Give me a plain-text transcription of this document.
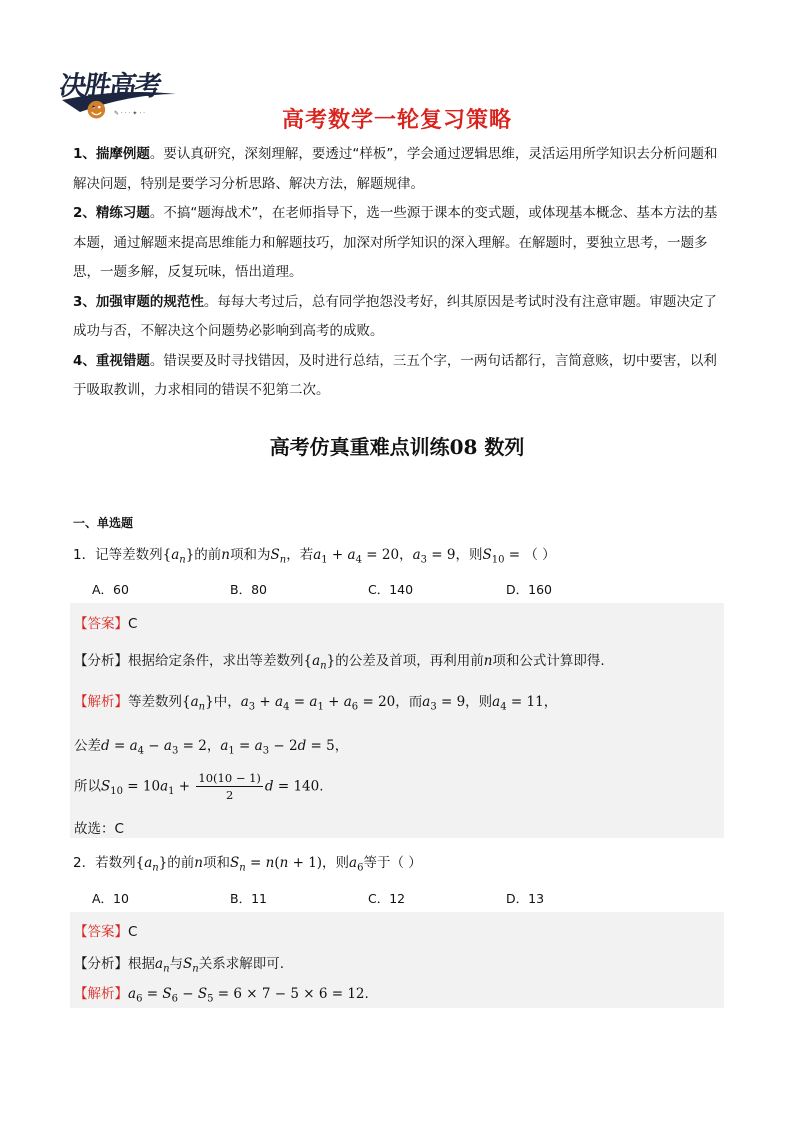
决胜高考
☻ ✎ · · · ✦ · ·	高考数学一轮复习策略

1、揣摩例题。要认真研究，深刻理解，要透过“样板”，学会通过逻辑思维，灵活运用所学知识去分析问题和解决问题，特别是要学习分析思路、解决方法，解题规律。

2、精练习题。不搞“题海战术”，在老师指导下，选一些源于课本的变式题，或体现基本概念、基本方法的基本题，通过解题来提高思维能力和解题技巧，加深对所学知识的深入理解。在解题时，要独立思考，一题多思，一题多解，反复玩味，悟出道理。

3、加强审题的规范性。每每大考过后，总有同学抱怨没考好，纠其原因是考试时没有注意审题。审题决定了成功与否，不解决这个问题势必影响到高考的成败。

4、重视错题。错误要及时寻找错因，及时进行总结，三五个字，一两句话都行，言简意赅，切中要害，以利于吸取教训，力求相同的错误不犯第二次。

高考仿真重难点训练08 数列
一、单选题
1．记等差数列$\{a_n\}$的前n项和为$S_n$，若$a_1 + a_4 = 20$，$a_3 = 9$，则$S_{10}$ = （ ）
A．60	B．80	C．140	D．160
【答案】C
【分析】根据给定条件，求出等差数列$\{a_n\}$的公差及首项，再利用前n项和公式计算即得.
【解析】等差数列$\{a_n\}$中，$a_3 + a_4 = a_1 + a_6 = 20$，而$a_3 = 9$，则$a_4 = 11$，
公差$d = a_4 - a_3 = 2$，$a_1 = a_3 - 2d = 5$，
所以$S_{10} = 10a_1 + \frac{10(10 - 1)}{2}$ d = 140.
故选：C
2．若数列$\{a_n\}$的前n项和$S_n = n(n + 1)$，则$a_6$等于（ ）
A．10	B．11	C．12	D．13
【答案】C
【分析】根据$a_n$与$S_n$关系求解即可.
【解析】$a_6 = S_6 - S_5 = 6 \times 7 - 5 \times 6 = 12$.
